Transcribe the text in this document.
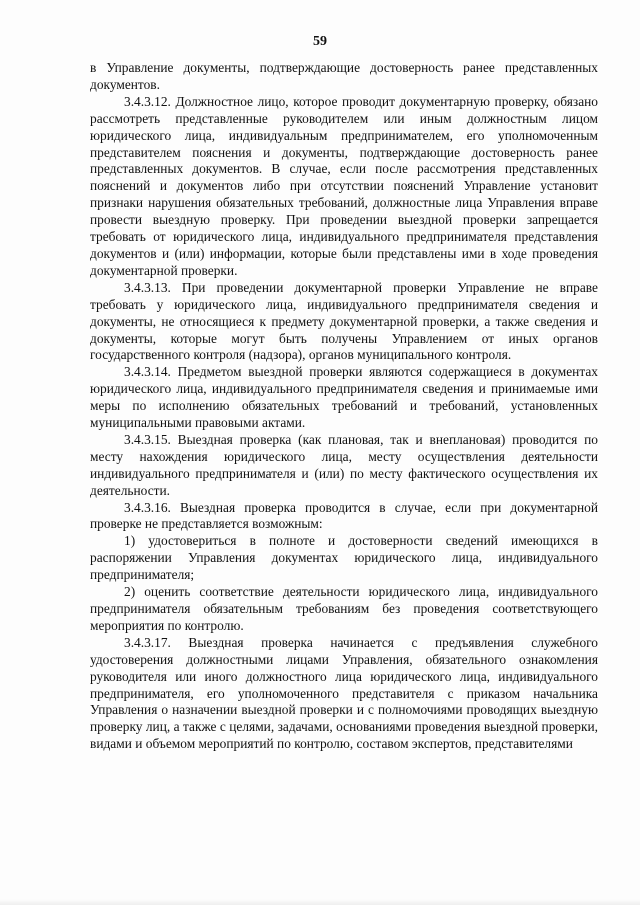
59

в Управление документы, подтверждающие достоверность ранее представленных документов.

3.4.3.12. Должностное лицо, которое проводит документарную проверку, обязано рассмотреть представленные руководителем или иным должностным лицом юридического лица, индивидуальным предпринимателем, его уполномоченным представителем пояснения и документы, подтверждающие достоверность ранее представленных документов. В случае, если после рассмотрения представленных пояснений и документов либо при отсутствии пояснений Управление установит признаки нарушения обязательных требований, должностные лица Управления вправе провести выездную проверку. При проведении выездной проверки запрещается требовать от юридического лица, индивидуального предпринимателя представления документов и (или) информации, которые были представлены ими в ходе проведения документарной проверки.

3.4.3.13. При проведении документарной проверки Управление не вправе требовать у юридического лица, индивидуального предпринимателя сведения и документы, не относящиеся к предмету документарной проверки, а также сведения и документы, которые могут быть получены Управлением от иных органов государственного контроля (надзора), органов муниципального контроля.

3.4.3.14. Предметом выездной проверки являются содержащиеся в документах юридического лица, индивидуального предпринимателя сведения и принимаемые ими меры по исполнению обязательных требований и требований, установленных муниципальными правовыми актами.

3.4.3.15. Выездная проверка (как плановая, так и внеплановая) проводится по месту нахождения юридического лица, месту осуществления деятельности индивидуального предпринимателя и (или) по месту фактического осуществления их деятельности.

3.4.3.16. Выездная проверка проводится в случае, если при документарной проверке не представляется возможным:

1) удостовериться в полноте и достоверности сведений имеющихся в распоряжении Управления документах юридического лица, индивидуального предпринимателя;

2) оценить соответствие деятельности юридического лица, индивидуального предпринимателя обязательным требованиям без проведения соответствующего мероприятия по контролю.

3.4.3.17. Выездная проверка начинается с предъявления служебного удостоверения должностными лицами Управления, обязательного ознакомления руководителя или иного должностного лица юридического лица, индивидуального предпринимателя, его уполномоченного представителя с приказом начальника Управления о назначении выездной проверки и с полномочиями проводящих выездную проверку лиц, а также с целями, задачами, основаниями проведения выездной проверки, видами и объемом мероприятий по контролю, составом экспертов, представителями
